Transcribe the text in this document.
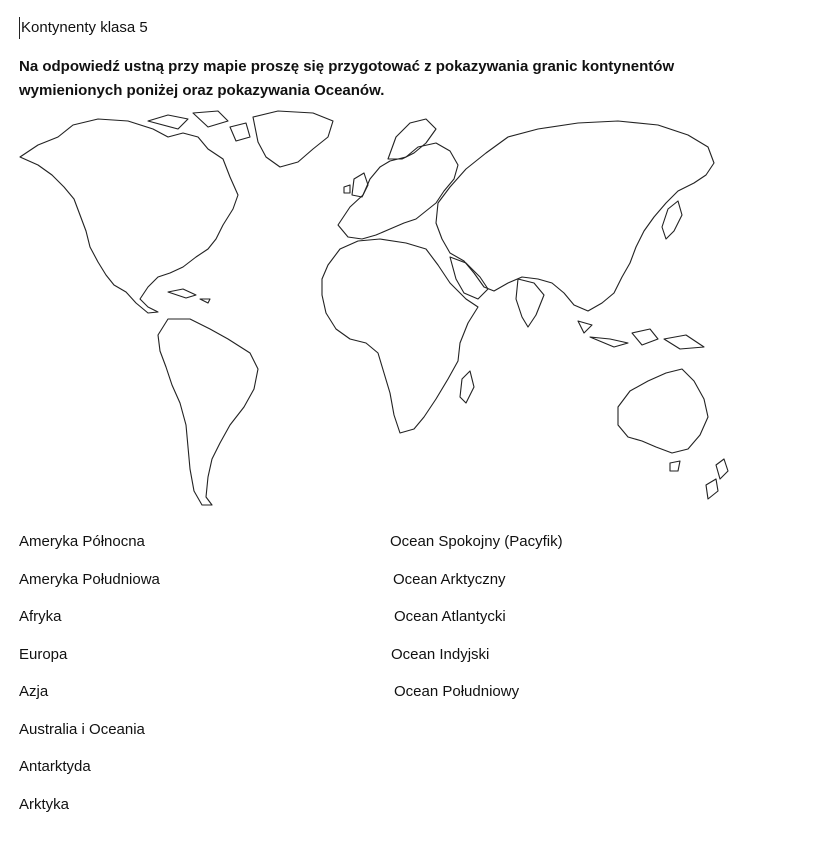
Kontynenty klasa 5
Na odpowiedź ustną przy mapie proszę się przygotować z pokazywania granic kontynentów wymienionych poniżej oraz pokazywania Oceanów.
Ameryka Północna
Ameryka Południowa
Afryka
Europa
Azja
Australia i Oceania
Antarktyda
Arktyka
Ocean Spokojny (Pacyfik)
Ocean Arktyczny
Ocean Atlantycki
Ocean Indyjski
Ocean Południowy
